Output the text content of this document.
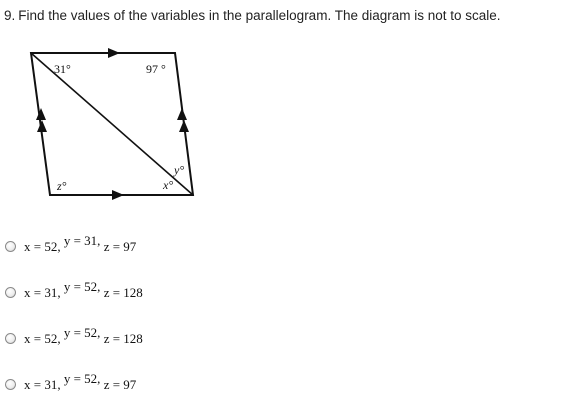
9. Find the values of the variables in the parallelogram. The diagram is not to scale.
31°	97 °
z°	x°
y°
x = 52, y = 31, z = 97
x = 31, y = 52, z = 128
x = 52, y = 52, z = 128
x = 31, y = 52, z = 97
